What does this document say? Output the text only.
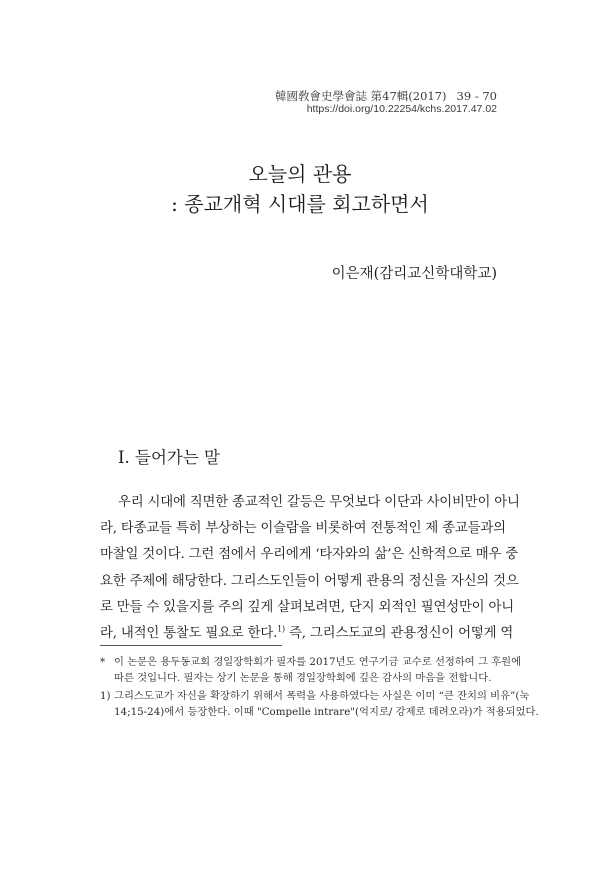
韓國敎會史學會誌 第47輯(2017) 39 - 70
https://doi.org/10.22254/kchs.2017.47.02
오늘의 관용
: 종교개혁 시대를 회고하면서
이은재(감리교신학대학교)
I. 들어가는 말
우리 시대에 직면한 종교적인 갈등은 무엇보다 이단과 사이비만이 아니
라, 타종교들 특히 부상하는 이슬람을 비롯하여 전통적인 제 종교들과의
마찰일 것이다. 그런 점에서 우리에게 ‘타자와의 삶’은 신학적으로 매우 중
요한 주제에 해당한다. 그리스도인들이 어떻게 관용의 정신을 자신의 것으
로 만들 수 있을지를 주의 깊게 살펴보려면, 단지 외적인 필연성만이 아니
라, 내적인 통찰도 필요로 한다.$^{1)}$ 즉, 그리스도교의 관용정신이 어떻게 역
* 이 논문은 용두동교회 경일장학회가 필자를 2017년도 연구기금 교수로 선정하여 그 후원에
따른 것입니다. 필자는 상기 논문을 통해 경일장학회에 깊은 감사의 마음을 전합니다.
1) 그리스도교가 자신을 확장하기 위해서 폭력을 사용하였다는 사실은 이미 “큰 잔치의 비유”(눅
14;15-24)에서 등장한다. 이때 "Compelle intrare"(억지로/ 강제로 데려오라)가 적용되었다.
